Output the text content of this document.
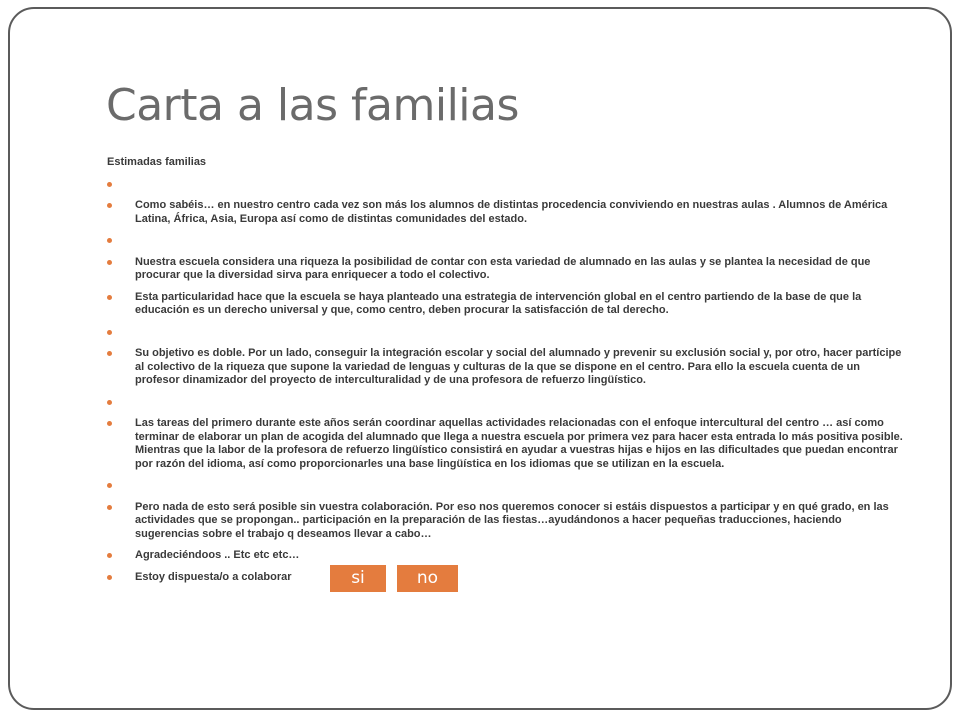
Carta a las familias

Estimadas familias

Como sabéis… en nuestro centro cada vez son más los alumnos de distintas procedencia conviviendo en nuestras aulas . Alumnos de América Latina, África, Asia, Europa así como de distintas comunidades del estado.
Nuestra escuela considera una riqueza la posibilidad de contar con esta variedad de alumnado en las aulas y se plantea la necesidad de que procurar que la diversidad sirva para enriquecer a todo el colectivo.
Esta particularidad hace que la escuela se haya planteado una estrategia de intervención global en el centro partiendo de la base de que la educación es un derecho universal y que, como centro, deben procurar la satisfacción de tal derecho.
Su objetivo es doble. Por un lado, conseguir la integración escolar y social del alumnado y prevenir su exclusión social y, por otro, hacer partícipe al colectivo de la riqueza que supone la variedad de lenguas y culturas de la que se dispone en el centro. Para ello la escuela cuenta de un profesor dinamizador del proyecto de interculturalidad y de una profesora de refuerzo lingüístico.
Las tareas del primero durante este años serán coordinar aquellas actividades relacionadas con el enfoque intercultural del centro … así como terminar de elaborar un plan de acogida del alumnado que llega a nuestra escuela por primera vez para hacer esta entrada lo más positiva posible. Mientras que la labor de la profesora de refuerzo lingüístico consistirá en ayudar a vuestras hijas e hijos en las dificultades que puedan encontrar por razón del idioma, así como proporcionarles una base lingüística en los idiomas que se utilizan en la escuela.
Pero nada de esto será posible sin vuestra colaboración. Por eso nos queremos conocer si estáis dispuestos a participar y en qué grado, en las actividades que se propongan.. participación en la preparación de las fiestas…ayudándonos a hacer pequeñas traducciones, haciendo sugerencias sobre el trabajo q deseamos llevar a cabo…
Agradeciéndoos .. Etc etc etc…
Estoy dispuesta/o a colaborar	si	no
